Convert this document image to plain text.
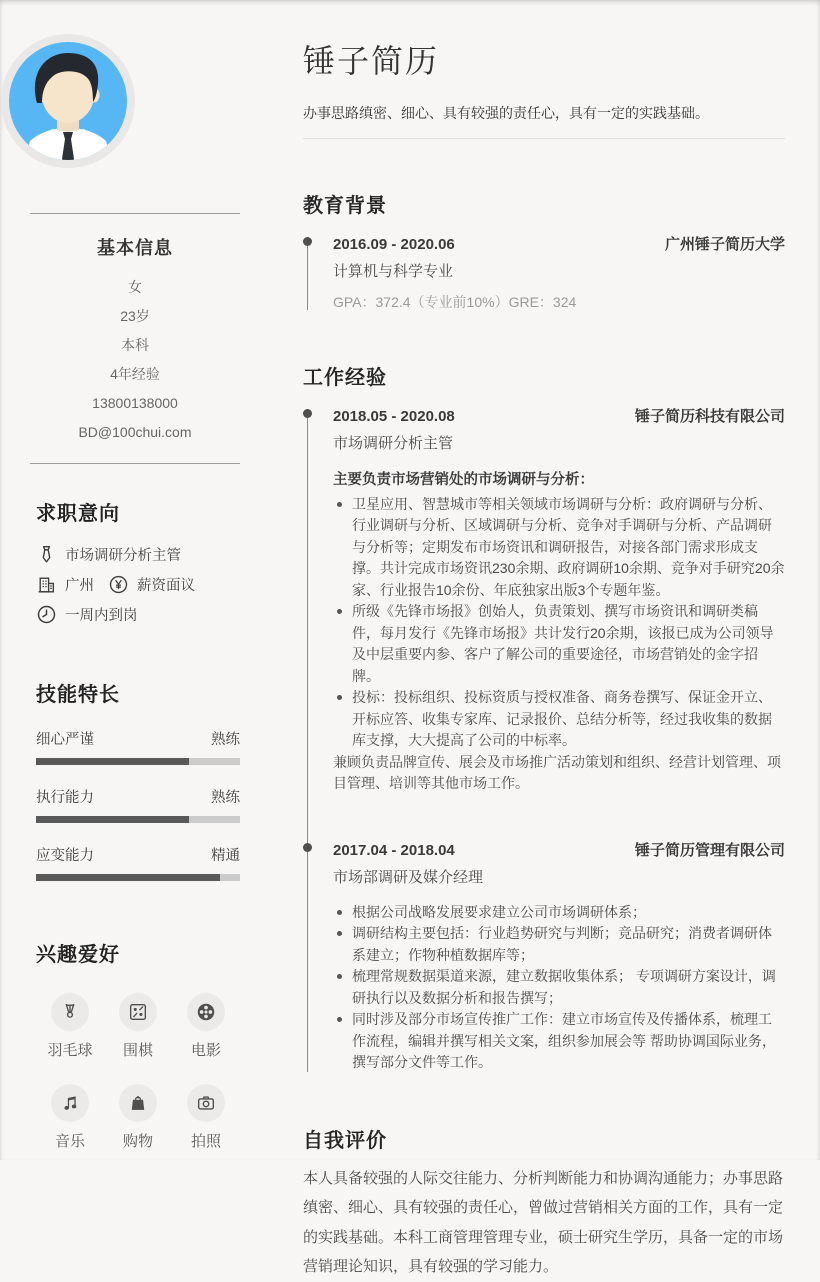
基本信息
女
23岁
本科
4年经验
13800138000
BD@100chui.com
求职意向
市场调研分析主管
广州	薪资面议
一周内到岗
技能特长
细心严谨	熟练
执行能力	熟练
应变能力	精通
兴趣爱好
羽毛球 围棋	电影
音乐	购物	拍照
锤子简历
办事思路缜密、细心、具有较强的责任心，具有一定的实践基础。
教育背景
2016.09 - 2020.06	广州锤子简历大学
计算机与科学专业
GPA：372.4（专业前10%）GRE：324
工作经验
2018.05 - 2020.08	锤子简历科技有限公司
市场调研分析主管
主要负责市场营销处的市场调研与分析：
卫星应用、智慧城市等相关领域市场调研与分析：政府调研与分析、行业调研与分析、区域调研与分析、竞争对手调研与分析、产品调研与分析等；定期发布市场资讯和调研报告，对接各部门需求形成支撑。共计完成市场资讯230余期、政府调研10余期、竞争对手研究20余家、行业报告10余份、年底独家出版3个专题年鉴。
所级《先锋市场报》创始人，负责策划、撰写市场资讯和调研类稿件，每月发行《先锋市场报》共计发行20余期，该报已成为公司领导及中层重要内参、客户了解公司的重要途径，市场营销处的金字招牌。
投标：投标组织、投标资质与授权准备、商务卷撰写、保证金开立、开标应答、收集专家库、记录报价、总结分析等，经过我收集的数据库支撑，大大提高了公司的中标率。
兼顾负责品牌宣传、展会及市场推广活动策划和组织、经营计划管理、项目管理、培训等其他市场工作。
2017.04 - 2018.04	锤子简历管理有限公司
市场部调研及媒介经理
根据公司战略发展要求建立公司市场调研体系；
调研结构主要包括：行业趋势研究与判断；竞品研究；消费者调研体系建立；作物种植数据库等；
梳理常规数据渠道来源，建立数据收集体系； 专项调研方案设计，调研执行以及数据分析和报告撰写；
同时涉及部分市场宣传推广工作：建立市场宣传及传播体系，梳理工作流程，编辑并撰写相关文案，组织参加展会等 帮助协调国际业务，撰写部分文件等工作。
自我评价
本人具备较强的人际交往能力、分析判断能力和协调沟通能力；办事思路缜密、细心、具有较强的责任心，曾做过营销相关方面的工作，具有一定的实践基础。本科工商管理管理专业，硕士研究生学历，具备一定的市场营销理论知识，具有较强的学习能力。
